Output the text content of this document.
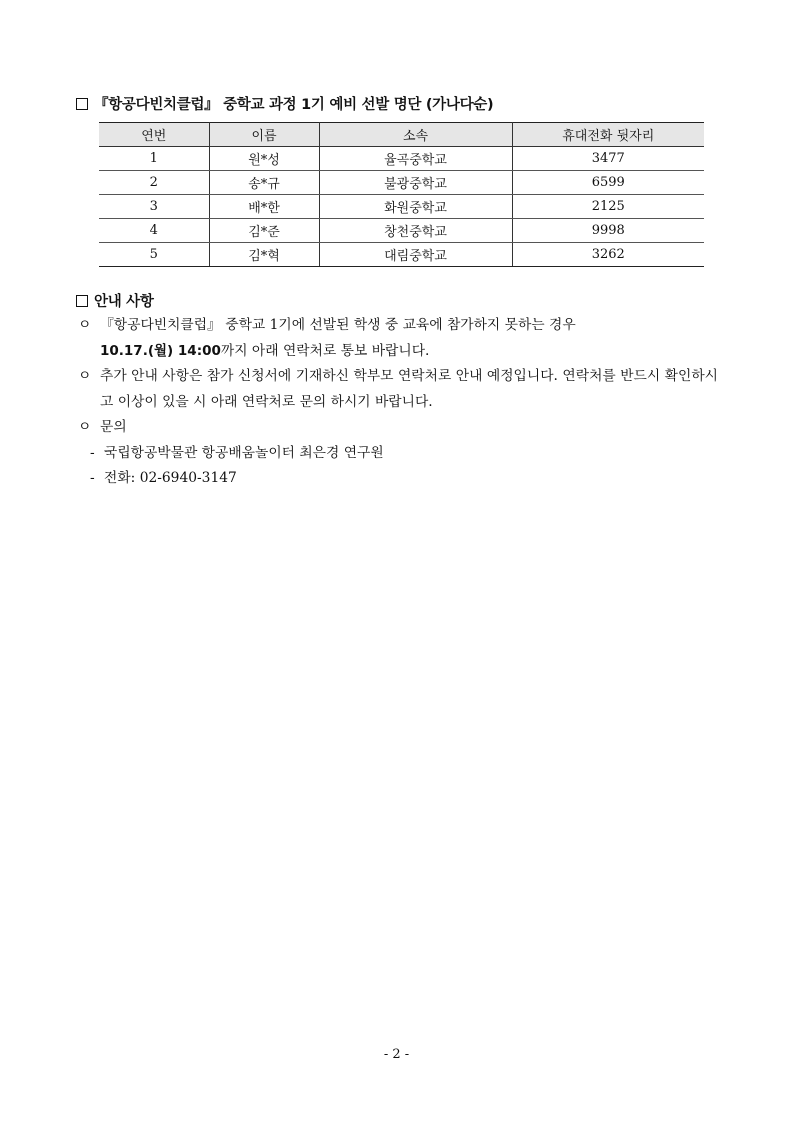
『항공다빈치클럽』 중학교 과정 1기 예비 선발 명단 (가나다순)
연번	이름	소속	휴대전화 뒷자리
1	원*성	율곡중학교	3477
2	송*규	불광중학교	6599
3	배*한	화원중학교	2125
4	김*준	창천중학교	9998
5	김*혁	대림중학교	3262
안내 사항
ㅇ 『항공다빈치클럽』 중학교 1기에 선발된 학생 중 교육에 참가하지 못하는 경우
10.17.(월) 14:00까지 아래 연락처로 통보 바랍니다.
ㅇ 추가 안내 사항은 참가 신청서에 기재하신 학부모 연락처로 안내 예정입니다. 연락처를 반드시 확인하시고 이상이 있을 시 아래 연락처로 문의 하시기 바랍니다.
ㅇ 문의
- 국립항공박물관 항공배움놀이터 최은경 연구원
- 전화: 02-6940-3147
- 2 -
